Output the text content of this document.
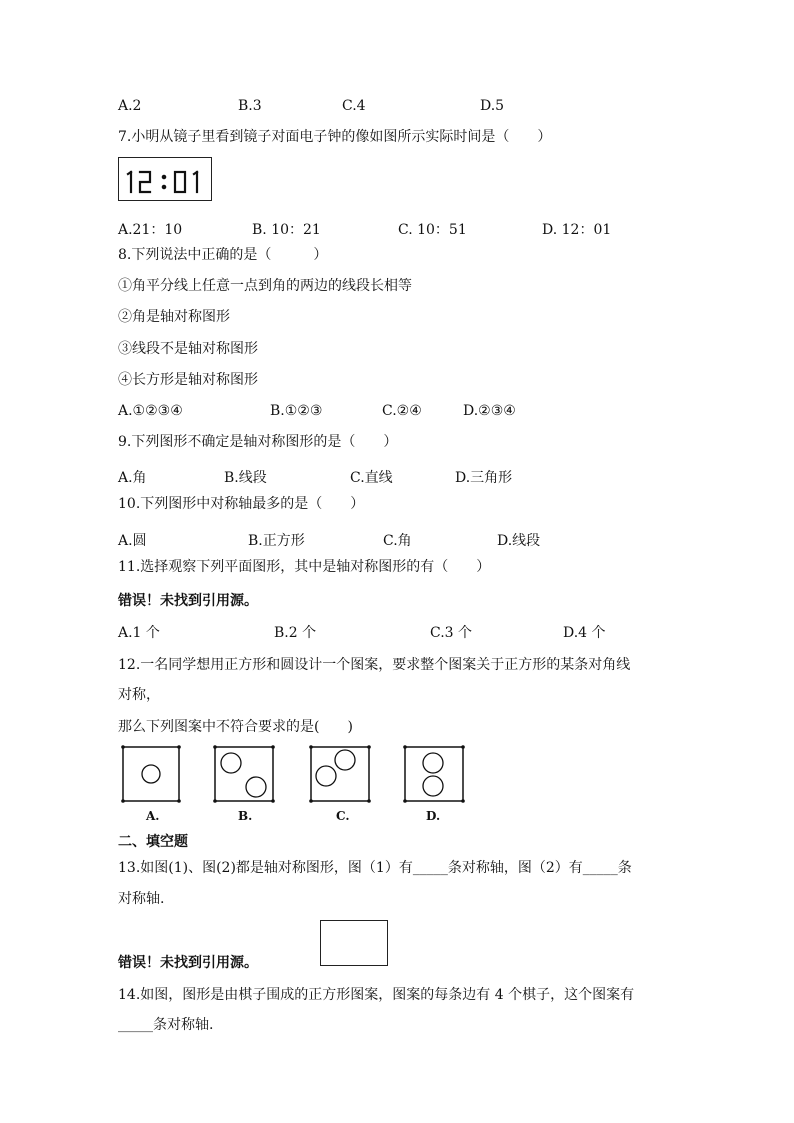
A.2	B.3	C.4	D.5
7.小明从镜子里看到镜子对面电子钟的像如图所示实际时间是（　　）
A.21：10	B. 10：21	C. 10：51	D. 12：01
8.下列说法中正确的是（　　　）
①角平分线上任意一点到角的两边的线段长相等
②角是轴对称图形
③线段不是轴对称图形
④长方形是轴对称图形
A.①②③④	B.①②③	C.②④	D.②③④
9.下列图形不确定是轴对称图形的是（　　）
A.角	B.线段	C.直线	D.三角形
10.下列图形中对称轴最多的是（　　）
A.圆	B.正方形	C.角	D.线段
11.选择观察下列平面图形，其中是轴对称图形的有（　　）
错误！未找到引用源。
A.1 个	B.2 个	C.3 个	D.4 个
12.一名同学想用正方形和圆设计一个图案，要求整个图案关于正方形的某条对角线
对称，
那么下列图案中不符合要求的是(　　)
A.	B.	C.	D.
二、填空题
13.如图(1)、图(2)都是轴对称图形，图（1）有_____条对称轴，图（2）有_____条
对称轴.
错误！未找到引用源。
14.如图，图形是由棋子围成的正方形图案，图案的每条边有 4 个棋子，这个图案有
_____条对称轴.
